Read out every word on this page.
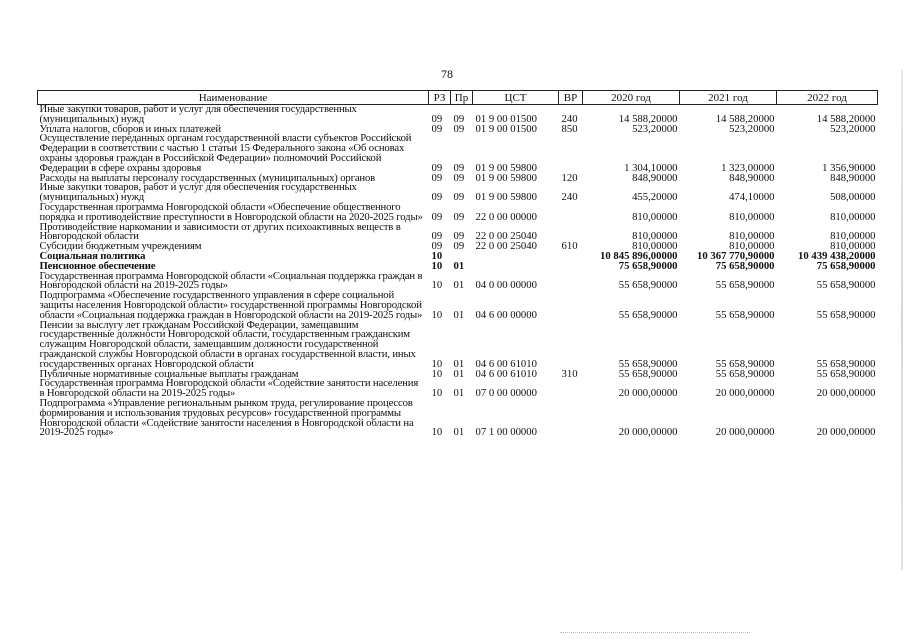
78
Наименование	РЗ	Пр	ЦСТ	ВР	2020 год	2021 год	2022 год
Иные закупки товаров, работ и услуг для обеспечения государственных (муниципальных) нужд	09	09	01 9 00 01500	240	14 588,20000	14 588,20000	14 588,20000
Уплата налогов, сборов и иных платежей	09	09	01 9 00 01500	850	523,20000	523,20000	523,20000
Осуществление переданных органам государственной власти субъектов Российской Федерации в соответствии с частью 1 статьи 15 Федерального закона «Об основах охраны здоровья граждан в Российской Федерации» полномочий Российской Федерации в сфере охраны здоровья	09	09	01 9 00 59800		1 304,10000	1 323,00000	1 356,90000
Расходы на выплаты персоналу государственных (муниципальных) органов	09	09	01 9 00 59800	120	848,90000	848,90000	848,90000
Иные закупки товаров, работ и услуг для обеспечения государственных (муниципальных) нужд	09	09	01 9 00 59800	240	455,20000	474,10000	508,00000
Государственная программа Новгородской области «Обеспечение общественного порядка и противодействие преступности в Новгородской области на 2020-2025 годы»	09	09	22 0 00 00000		810,00000	810,00000	810,00000
Противодействие наркомании и зависимости от других психоактивных веществ в Новгородской области	09	09	22 0 00 25040		810,00000	810,00000	810,00000
Субсидии бюджетным учреждениям	09	09	22 0 00 25040	610	810,00000	810,00000	810,00000
Социальная политика	10				10 845 896,00000	10 367 770,90000	10 439 438,20000
Пенсионное обеспечение	10	01			75 658,90000	75 658,90000	75 658,90000
Государственная программа Новгородской области «Социальная поддержка граждан в Новгородской области на 2019-2025 годы»	10	01	04 0 00 00000		55 658,90000	55 658,90000	55 658,90000
Подпрограмма «Обеспечение государственного управления в сфере социальной защиты населения Новгородской области» государственной программы Новгородской области «Социальная поддержка граждан в Новгородской области на 2019-2025 годы»	10	01	04 6 00 00000		55 658,90000	55 658,90000	55 658,90000
Пенсии за выслугу лет гражданам Российской Федерации, замещавшим государственные должности Новгородской области, государственным гражданским служащим Новгородской области, замещавшим должности государственной гражданской службы Новгородской области в органах государственной власти, иных государственных органах Новгородской области	10	01	04 6 00 61010		55 658,90000	55 658,90000	55 658,90000
Публичные нормативные социальные выплаты гражданам	10	01	04 6 00 61010	310	55 658,90000	55 658,90000	55 658,90000
Государственная программа Новгородской области «Содействие занятости населения в Новгородской области на 2019-2025 годы»	10	01	07 0 00 00000		20 000,00000	20 000,00000	20 000,00000
Подпрограмма «Управление региональным рынком труда, регулирование процессов формирования и использования трудовых ресурсов» государственной программы Новгородской области «Содействие занятости населения в Новгородской области на 2019-2025 годы»	10	01	07 1 00 00000		20 000,00000	20 000,00000	20 000,00000
